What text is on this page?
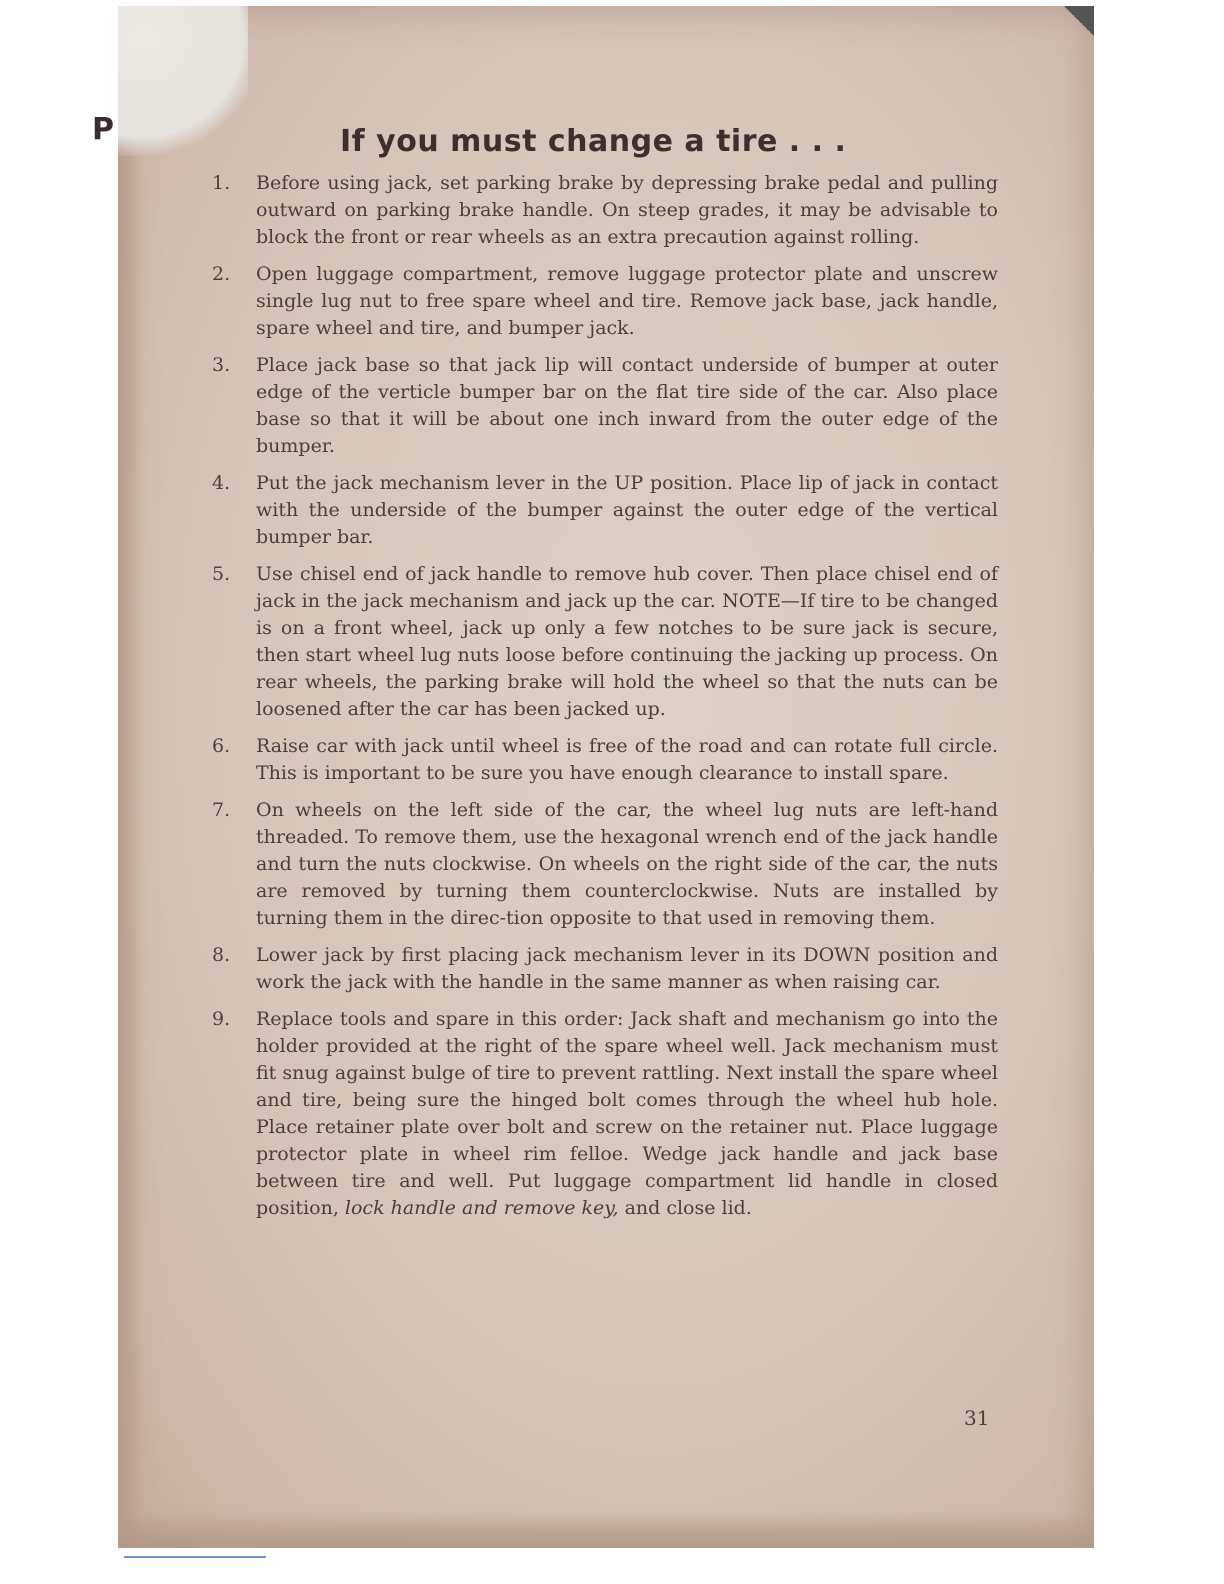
P	If you must change a tire . . .
1.	Before using jack, set parking brake by depressing brake pedal and pulling outward on parking brake handle. On steep grades, it may be advisable to block the front or rear wheels as an extra precaution against rolling.
2.	Open luggage compartment, remove luggage protector plate and unscrew single lug nut to free spare wheel and tire. Remove jack base, jack handle, spare wheel and tire, and bumper jack.
3.	Place jack base so that jack lip will contact underside of bumper at outer edge of the verticle bumper bar on the flat tire side of the car. Also place base so that it will be about one inch inward from the outer edge of the bumper.
4.	Put the jack mechanism lever in the UP position. Place lip of jack in contact with the underside of the bumper against the outer edge of the vertical bumper bar.
5.	Use chisel end of jack handle to remove hub cover. Then place chisel end of jack in the jack mechanism and jack up the car. NOTE—If tire to be changed is on a front wheel, jack up only a few notches to be sure jack is secure, then start wheel lug nuts loose before continuing the jacking up process. On rear wheels, the parking brake will hold the wheel so that the nuts can be loosened after the car has been jacked up.
6.	Raise car with jack until wheel is free of the road and can rotate full circle. This is important to be sure you have enough clearance to install spare.
7.	On wheels on the left side of the car, the wheel lug nuts are left-hand threaded. To remove them, use the hexagonal wrench end of the jack handle and turn the nuts clockwise. On wheels on the right side of the car, the nuts are removed by turning them counterclockwise. Nuts are installed by turning them in the direc-tion opposite to that used in removing them.
8.	Lower jack by first placing jack mechanism lever in its DOWN position and work the jack with the handle in the same manner as when raising car.
9.	Replace tools and spare in this order: Jack shaft and mechanism go into the holder provided at the right of the spare wheel well. Jack mechanism must fit snug against bulge of tire to prevent rattling. Next install the spare wheel and tire, being sure the hinged bolt comes through the wheel hub hole. Place retainer plate over bolt and screw on the retainer nut. Place luggage protector plate in wheel rim felloe. Wedge jack handle and jack base between tire and well. Put luggage compartment lid handle in closed position, lock handle and remove key, and close lid.
31
